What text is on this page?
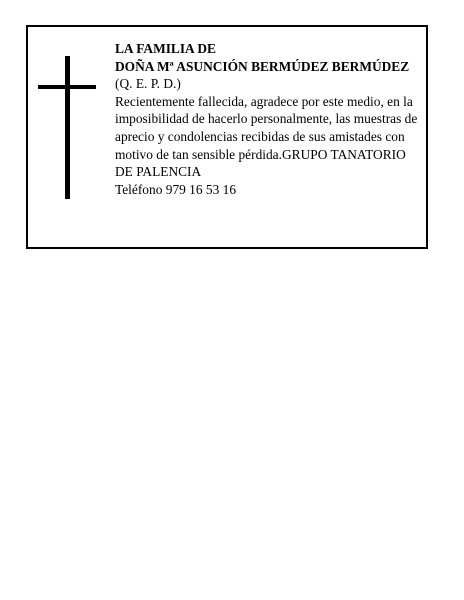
LA FAMILIA DE
DOÑA Mª ASUNCIÓN BERMÚDEZ BERMÚDEZ
(Q. E. P. D.)
Recientemente fallecida, agradece por este medio, en la imposibilidad de hacerlo personalmente, las muestras de aprecio y condolencias recibidas de sus amistades con motivo de tan sensible pérdida.GRUPO TANATORIO DE PALENCIA
Teléfono 979 16 53 16
